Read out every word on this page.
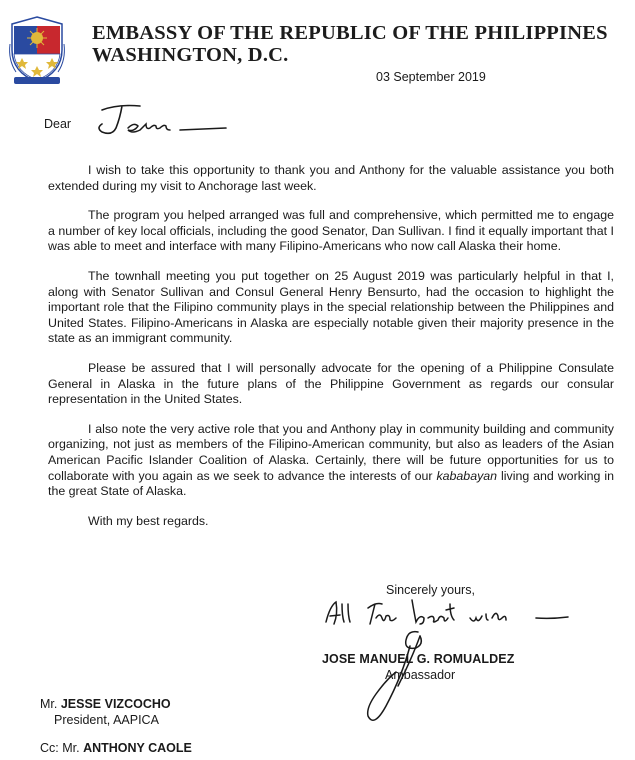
EMBASSY OF THE REPUBLIC OF THE PHILIPPINES
WASHINGTON, D.C.
03 September 2019
Dear

I wish to take this opportunity to thank you and Anthony for the valuable assistance you both extended during my visit to Anchorage last week.

The program you helped arranged was full and comprehensive, which permitted me to engage a number of key local officials, including the good Senator, Dan Sullivan. I find it equally important that I was able to meet and interface with many Filipino-Americans who now call Alaska their home.

The townhall meeting you put together on 25 August 2019 was particularly helpful in that I, along with Senator Sullivan and Consul General Henry Bensurto, had the occasion to highlight the important role that the Filipino community plays in the special relationship between the Philippines and United States. Filipino-Americans in Alaska are especially notable given their majority presence in the state as an immigrant community.

Please be assured that I will personally advocate for the opening of a Philippine Consulate General in Alaska in the future plans of the Philippine Government as regards our consular representation in the United States.

I also note the very active role that you and Anthony play in community building and community organizing, not just as members of the Filipino-American community, but also as leaders of the Asian American Pacific Islander Coalition of Alaska. Certainly, there will be future opportunities for us to collaborate with you again as we seek to advance the interests of our kababayan living and working in the great State of Alaska.

With my best regards.

Sincerely yours,
JOSE MANUEL G. ROMUALDEZ
Ambassador
Mr. JESSE VIZCOCHO
President, AAPICA
Cc: Mr. ANTHONY CAOLE
